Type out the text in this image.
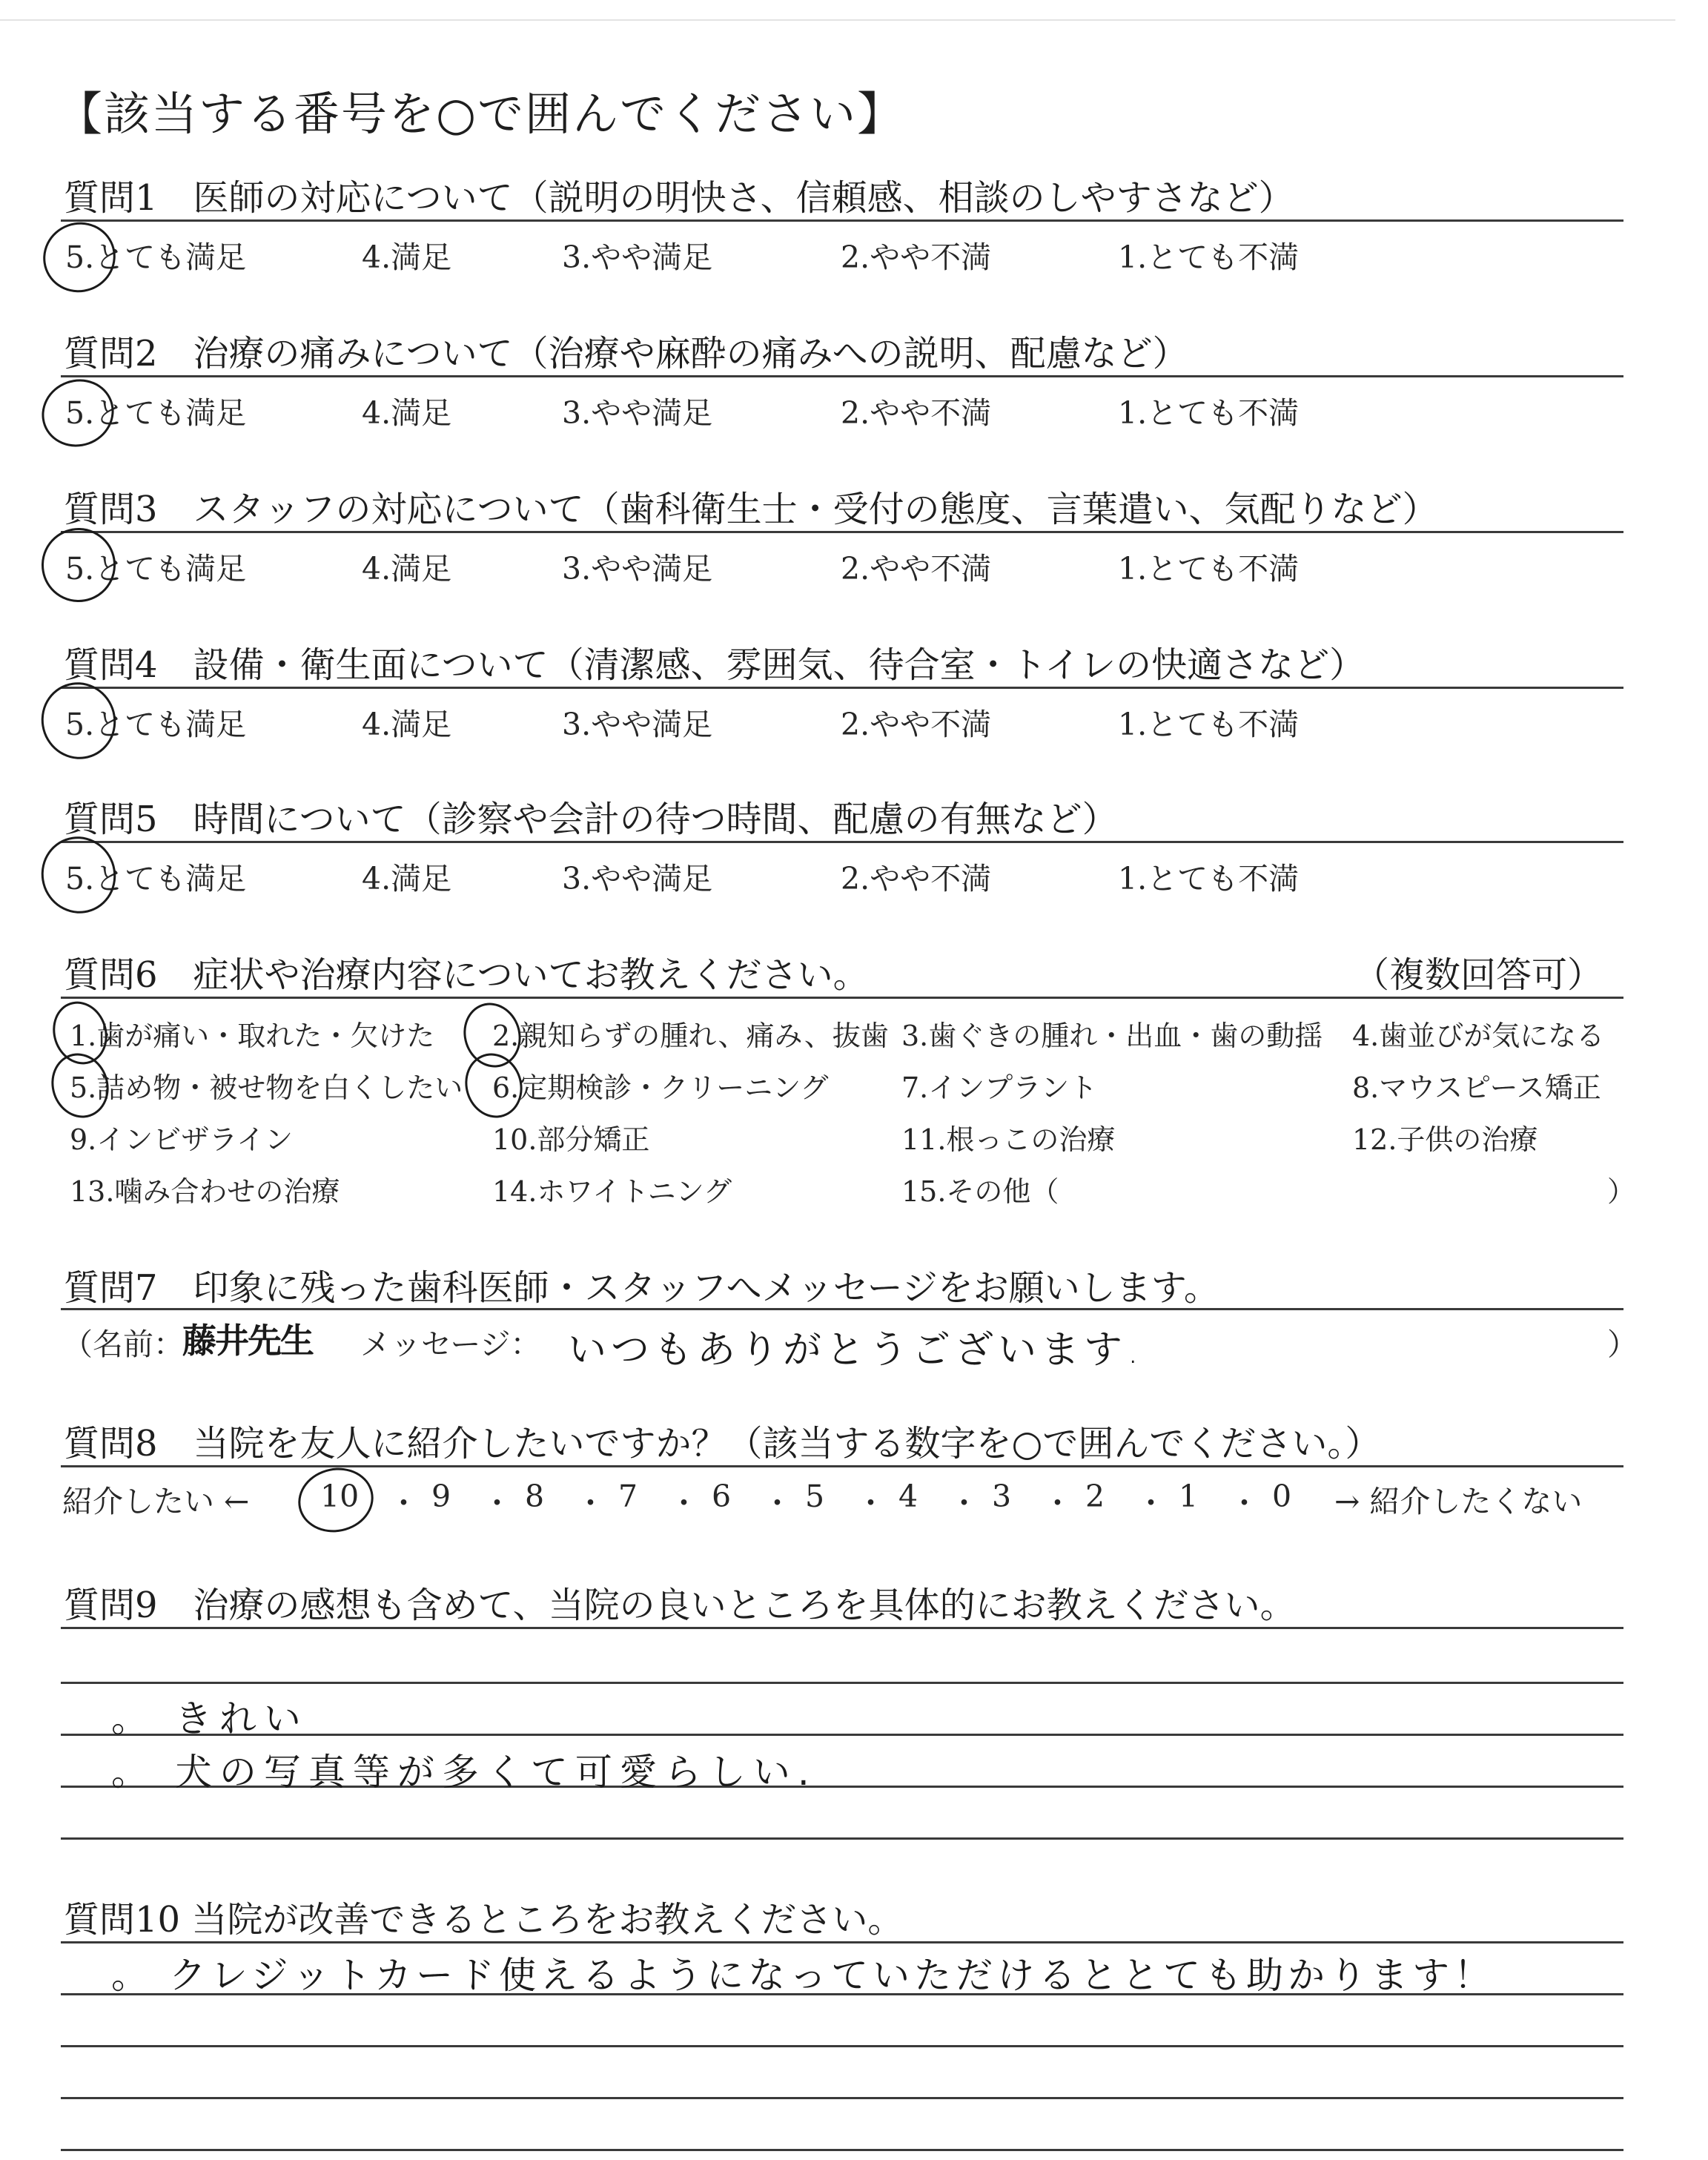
【該当する番号を○で囲んでください】
質問1　医師の対応について（説明の明快さ、信頼感、相談のしやすさなど）
5.とても満足	4.満足	3.やや満足	2.やや不満	1.とても不満
質問2　治療の痛みについて（治療や麻酔の痛みへの説明、配慮など）
5.とても満足	4.満足	3.やや満足	2.やや不満	1.とても不満
質問3　スタッフの対応について（歯科衛生士・受付の態度、言葉遣い、気配りなど）
5.とても満足	4.満足	3.やや満足	2.やや不満	1.とても不満
質問4　設備・衛生面について（清潔感、雰囲気、待合室・トイレの快適さなど）
5.とても満足	4.満足	3.やや満足	2.やや不満	1.とても不満
質問5　時間について（診察や会計の待つ時間、配慮の有無など）
5.とても満足	4.満足	3.やや満足	2.やや不満	1.とても不満
質問6　症状や治療内容についてお教えください。	（複数回答可）
1.歯が痛い・取れた・欠けた 2.親知らずの腫れ、痛み、抜歯 3.歯ぐきの腫れ・出血・歯の動揺 4.歯並びが気になる
5.詰め物・被せ物を白くしたい 6.定期検診・クリーニング	7.インプラント	8.マウスピース矯正
9.インビザライン	10.部分矯正	11.根っこの治療	12.子供の治療
13.噛み合わせの治療	14.ホワイトニング	15.その他（	）
質問7　印象に残った歯科医師・スタッフへメッセージをお願いします。
（名前：
藤井先生 メッセージ： いつもありがとうございます.	）
質問8　当院を友人に紹介したいですか？（該当する数字を○で囲んでください。）
紹介したい ← 10 ・ 9 ・ 8 ・ 7 ・ 6 ・ 5 ・ 4 ・ 3 ・ 2 ・ 1 ・ 0 → 紹介したくない
質問9　治療の感想も含めて、当院の良いところを具体的にお教えください。
。 きれい
。 犬の写真等が多くて可愛らしい.
質問10 当院が改善できるところをお教えください。
。 クレジットカード使えるようになっていただけるととても助かります！
